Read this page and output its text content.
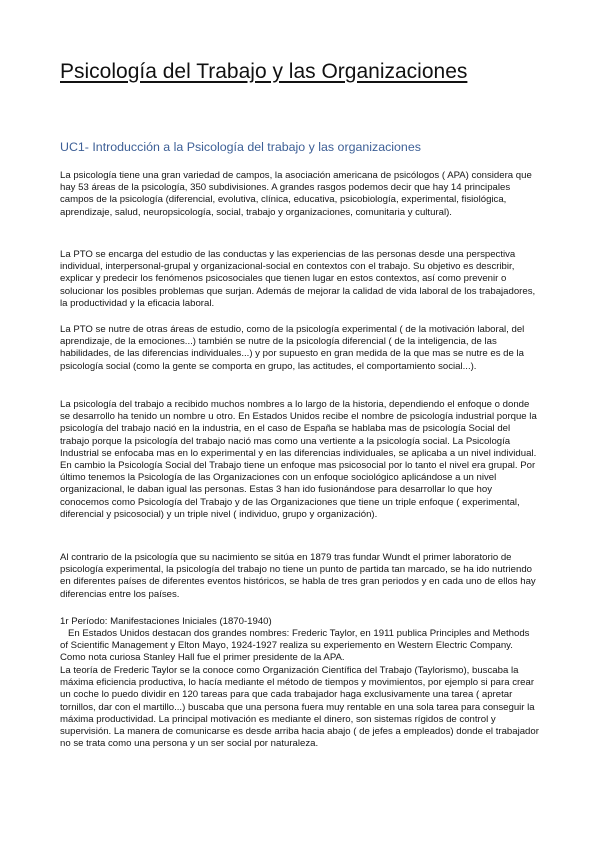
Psicología del Trabajo y las Organizaciones
UC1- Introducción a la Psicología del trabajo y las organizaciones

La psicología tiene una gran variedad de campos, la asociación americana de psicólogos ( APA) considera que hay 53 áreas de la psicología, 350 subdivisiones. A grandes rasgos podemos decir que hay 14 principales campos de la psicología (diferencial, evolutiva, clínica, educativa, psicobiología, experimental, fisiológica, aprendizaje, salud, neuropsicología, social, trabajo y organizaciones, comunitaria y cultural).

La PTO se encarga del estudio de las conductas y las experiencias de las personas desde una perspectiva individual, interpersonal-grupal y organizacional-social en contextos con el trabajo. Su objetivo es describir, explicar y predecir los fenómenos psicosociales que tienen lugar en estos contextos, así como prevenir o solucionar los posibles problemas que surjan. Además de mejorar la calidad de vida laboral de los trabajadores, la productividad y la eficacia laboral.

La PTO se nutre de otras áreas de estudio, como de la psicología experimental ( de la motivación laboral, del aprendizaje, de la emociones...) también se nutre de la psicología diferencial ( de la inteligencia, de las habilidades, de las diferencias individuales...) y por supuesto en gran medida de la que mas se nutre es de la psicología social (como la gente se comporta en grupo, las actitudes, el comportamiento social...).

La psicología del trabajo a recibido muchos nombres a lo largo de la historia, dependiendo el enfoque o donde se desarrollo ha tenido un nombre u otro. En Estados Unidos recibe el nombre de psicología industrial porque la psicología del trabajo nació en la industria, en el caso de España se hablaba mas de psicología Social del trabajo porque la psicología del trabajo nació mas como una vertiente a la psicología social. La Psicología Industrial se enfocaba mas en lo experimental y en las diferencias individuales, se aplicaba a un nivel individual. En cambio la Psicología Social del Trabajo tiene un enfoque mas psicosocial por lo tanto el nivel era grupal. Por último tenemos la Psicología de las Organizaciones con un enfoque sociológico aplicándose a un nivel organizacional, le daban igual las personas. Estas 3 han ido fusionándose para desarrollar lo que hoy conocemos como Psicología del Trabajo y de las Organizaciones que tiene un triple enfoque ( experimental, diferencial y psicosocial) y un triple nivel ( individuo, grupo y organización).

Al contrario de la psicología que su nacimiento se sitúa en 1879 tras fundar Wundt el primer laboratorio de psicología experimental, la psicología del trabajo no tiene un punto de partida tan marcado, se ha ido nutriendo en diferentes países de diferentes eventos históricos, se habla de tres gran periodos y en cada uno de ellos hay diferencias entre los países.

1r Período: Manifestaciones Iniciales (1870-1940)

En Estados Unidos destacan dos grandes nombres: Frederic Taylor, en 1911 publica Principles and Methods of Scientific Management y Elton Mayo, 1924-1927 realiza su experiemento en Western Electric Company. Como nota curiosa Stanley Hall fue el primer presidente de la APA.

La teoría de Frederic Taylor se la conoce como Organización Científica del Trabajo (Taylorismo), buscaba la máxima eficiencia productiva, lo hacía mediante el método de tiempos y movimientos, por ejemplo si para crear un coche lo puedo dividir en 120 tareas para que cada trabajador haga exclusivamente una tarea ( apretar tornillos, dar con el martillo...) buscaba que una persona fuera muy rentable en una sola tarea para conseguir la máxima productividad. La principal motivación es mediante el dinero, son sistemas rígidos de control y supervisión. La manera de comunicarse es desde arriba hacia abajo ( de jefes a empleados) donde el trabajador no se trata como una persona y un ser social por naturaleza.
